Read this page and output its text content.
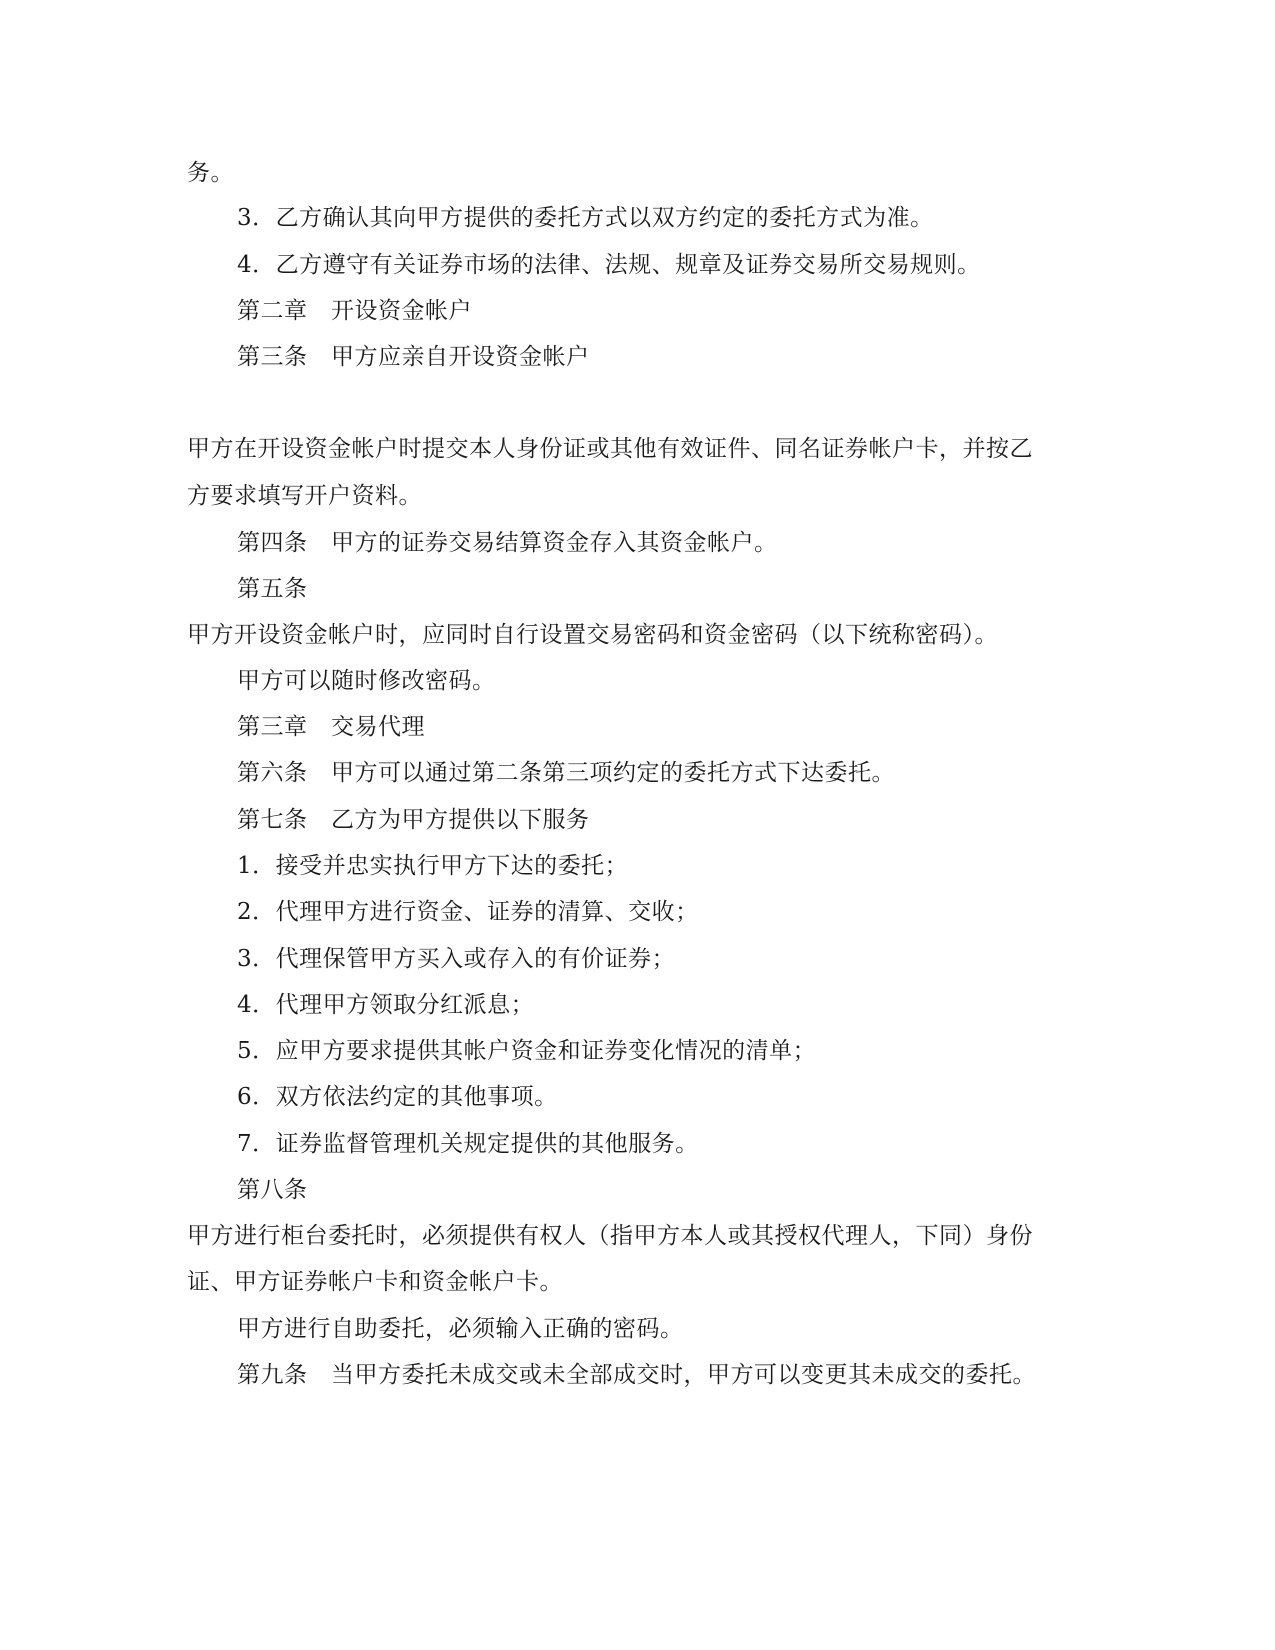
务。
3．乙方确认其向甲方提供的委托方式以双方约定的委托方式为准。
4．乙方遵守有关证券市场的法律、法规、规章及证券交易所交易规则。
第二章　开设资金帐户
第三条　甲方应亲自开设资金帐户
甲方在开设资金帐户时提交本人身份证或其他有效证件、同名证券帐户卡，并按乙
方要求填写开户资料。
第四条　甲方的证券交易结算资金存入其资金帐户。
第五条
甲方开设资金帐户时，应同时自行设置交易密码和资金密码（以下统称密码）。
甲方可以随时修改密码。
第三章　交易代理
第六条　甲方可以通过第二条第三项约定的委托方式下达委托。
第七条　乙方为甲方提供以下服务
1．接受并忠实执行甲方下达的委托；
2．代理甲方进行资金、证券的清算、交收；
3．代理保管甲方买入或存入的有价证券；
4．代理甲方领取分红派息；
5．应甲方要求提供其帐户资金和证券变化情况的清单；
6．双方依法约定的其他事项。
7．证券监督管理机关规定提供的其他服务。
第八条
甲方进行柜台委托时，必须提供有权人（指甲方本人或其授权代理人，下同）身份
证、甲方证券帐户卡和资金帐户卡。
甲方进行自助委托，必须输入正确的密码。
第九条　当甲方委托未成交或未全部成交时，甲方可以变更其未成交的委托。
